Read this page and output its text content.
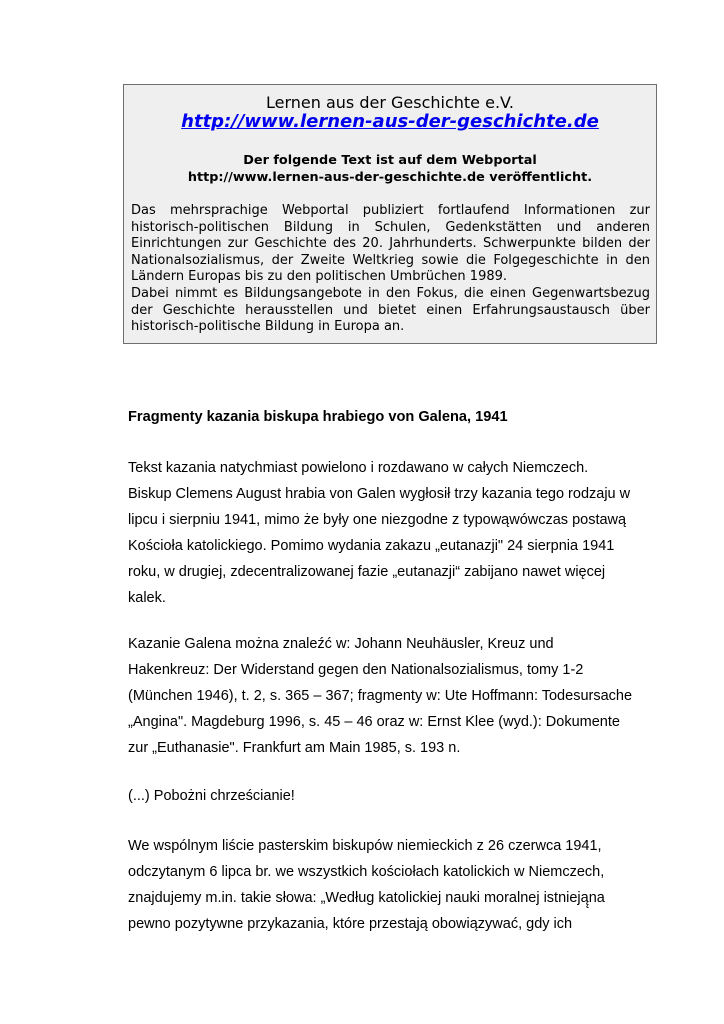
Lernen aus der Geschichte e.V.
http://www.lernen-aus-der-geschichte.de
Der folgende Text ist auf dem Webportal
http://www.lernen-aus-der-geschichte.de veröffentlicht.

Das mehrsprachige Webportal publiziert fortlaufend Informationen zur historisch-politischen Bildung in Schulen, Gedenkstätten und anderen Einrichtungen zur Geschichte des 20. Jahrhunderts. Schwerpunkte bilden der Nationalsozialismus, der Zweite Weltkrieg sowie die Folgegeschichte in den Ländern Europas bis zu den politischen Umbrüchen 1989.

Dabei nimmt es Bildungsangebote in den Fokus, die einen Gegenwartsbezug der Geschichte herausstellen und bietet einen Erfahrungsaustausch über historisch-politische Bildung in Europa an.

Fragmenty kazania biskupa hrabiego von Galena, 1941
Tekst kazania natychmiast powielono i rozdawano w całych Niemczech.
Biskup Clemens August hrabia von Galen wygłosił trzy kazania tego rodzaju w
lipcu i sierpniu 1941, mimo że były one niezgodne z typowąwówczas postawą
Kościoła katolickiego. Pomimo wydania zakazu „eutanazji" 24 sierpnia 1941
roku, w drugiej, zdecentralizowanej fazie „eutanazji“ zabijano nawet więcej
kalek.
Kazanie Galena można znaleźć w: Johann Neuhäusler, Kreuz und
Hakenkreuz: Der Widerstand gegen den Nationalsozialismus, tomy 1-2
(München 1946), t. 2, s. 365 – 367; fragmenty w: Ute Hoffmann: Todesursache
„Angina". Magdeburg 1996, s. 45 – 46 oraz w: Ernst Klee (wyd.): Dokumente
zur „Euthanasie". Frankfurt am Main 1985, s. 193 n.
(...) Pobożni chrześcianie!
We wspólnym liście pasterskim biskupów niemieckich z 26 czerwca 1941,
odczytanym 6 lipca br. we wszystkich kościołach katolickich w Niemczech,
znajdujemy m.in. takie słowa: „Według katolickiej nauki moralnej istnieją̨na
pewno pozytywne przykazania, które przestają obowiązywać, gdy ich
